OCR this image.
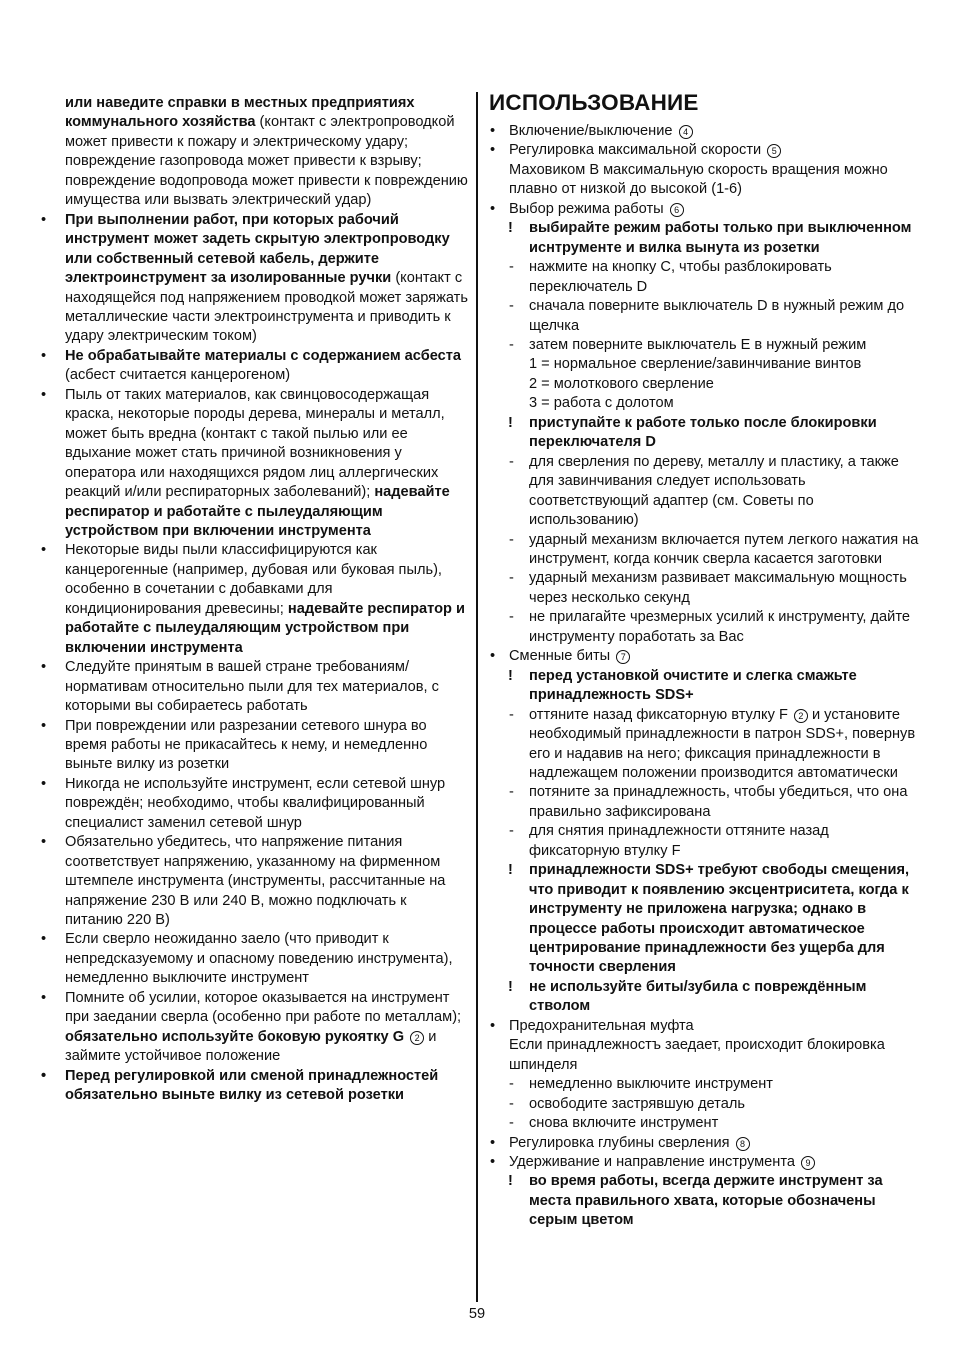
или наведите справки в местных предприятиях коммунального хозяйства (контакт с электропроводкой может привести к пожару и электрическому удару; повреждение газопровода может привести к взрыву; повреждение водопровода может привести к повреждению имущества или вызвать электрический удар)

•	При выполнении работ, при которых рабочий инструмент может задеть скрытую электропроводку или собственный сетевой кабель, держите электроинструмент за изолированные ручки (контакт с находящейся под напряжением проводкой может заряжать металлические части электроинструмента и приводить к удару электрическим током)
•	Не обрабатывайте материалы с содержанием асбеста (асбест считается канцерогеном)
•	Пыль от таких материалов, как свинцовосодержащая краска, некоторые породы дерева, минералы и металл, может быть вредна (контакт с такой пылью или ее вдыхание может стать причиной возникновения у оператора или находящихся рядом лиц аллергических реакций и/или респираторных заболеваний); надевайте респиратор и работайте с пылеудаляющим устройством при включении инструмента
•	Некоторые виды пыли классифицируются как канцерогенные (например, дубовая или буковая пыль), особенно в сочетании с добавками для кондиционирования древесины; надевайте респиратор и работайте с пылеудаляющим устройством при включении инструмента
•	Следуйте принятым в вашей стране требованиям/ нормативам относительно пыли для тех материалов, с которыми вы собираетесь работать
•	При повреждении или разрезании сетевого шнура во время работы не прикасайтесь к нему, и немедленно выньте вилку из розетки
•	Никогда не используйте инструмент, если сетевой шнур повреждён; необходимо, чтобы квалифицированный специалист заменил сетевой шнур
•	Обязательно убедитесь, что напряжение питания соответствует напряжению, указанному на фирменном штемпеле инструмента (инструменты, рассчитанные на напряжение 230 В или 240 В, можно подключать к питанию 220 В)
•	Если сверло неожиданно заело (что приводит к непредсказуемому и опасному поведению инструмента), немедленно выключите инструмент
•	Помните об усилии, которое оказывается на инструмент при заедании сверла (особенно при работе по металлам); обязательно используйте боковую рукоятку G 2 и займите устойчивое положение
•	Перед регулировкой или сменой принадлежностей обязательно выньте вилку из сетевой розетки
ИСПОЛЬЗОВАНИЕ
• Включение/выключение 4
• Регулировка максимальной скорости 5
Маховиком B максимальную скорость вращения можно плавно от низкой до высокой (1-6)
• Выбор режима работы 6
!	выбирайте режим работы только при выключенном иснтрументе и вилка вынута из розетки
-	нажмите на кнопку C, чтобы разблокировать переключатель D
-	сначала поверните выключатель D в нужный режим до щелчка
-	затем поверните выключатель E в нужный режим
1 = нормальное сверление/завинчивание винтов
2 = молоткового сверление
3 = работа с долотом
!	приступайте к работе только после блокировки переключателя D
-	для сверления по дереву, металлу и пластику, а также для завинчивания следует использовать соответствующий адаптер (см. Советы по использованию)
-	ударный механизм включается путем легкого нажатия на инструмент, когда кончик сверла касается заготовки
-	ударный механизм развивает максимальную мощность через несколько секунд
-	не прилагайте чрезмерных усилий к инструменту, дайте инструменту поработать за Вас
• Сменные биты 7
!	перед установкой очистите и слегка смажьте принадлежность SDS+
-	оттяните назад фиксаторную втулку F 2 и установите необходимый принадлежности в патрон SDS+, повернув его и надавив на него; фиксация принадлежности в надлежащем положении производится автоматически
-	потяните за принадлежность, чтобы убедиться, что она правильно зафиксирована
-	для снятия принадлежности оттяните назад фиксаторную втулку F
!	принадлежности SDS+ требуют свободы смещения, что приводит к появлению эксцентриситета, когда к инструменту не приложена нагрузка; однако в процессе работы происходит автоматическое центрирование принадлежности без ущерба для точности сверления
!	не используйте биты/зубила с повреждённым стволом
• Предохранительная муфта
Если принадлежностъ заедает, происходит блокировка шпинделя
-	немедленно выключите инструмент
-	освободите застрявшую деталь
-	снова включите инструмент
• Регулировка глубины сверления 8
• Удерживание и направление инструмента 9
!	во время работы, всегда держите инструмент за места правильного хвата, которые обозначены серым цветом
59
